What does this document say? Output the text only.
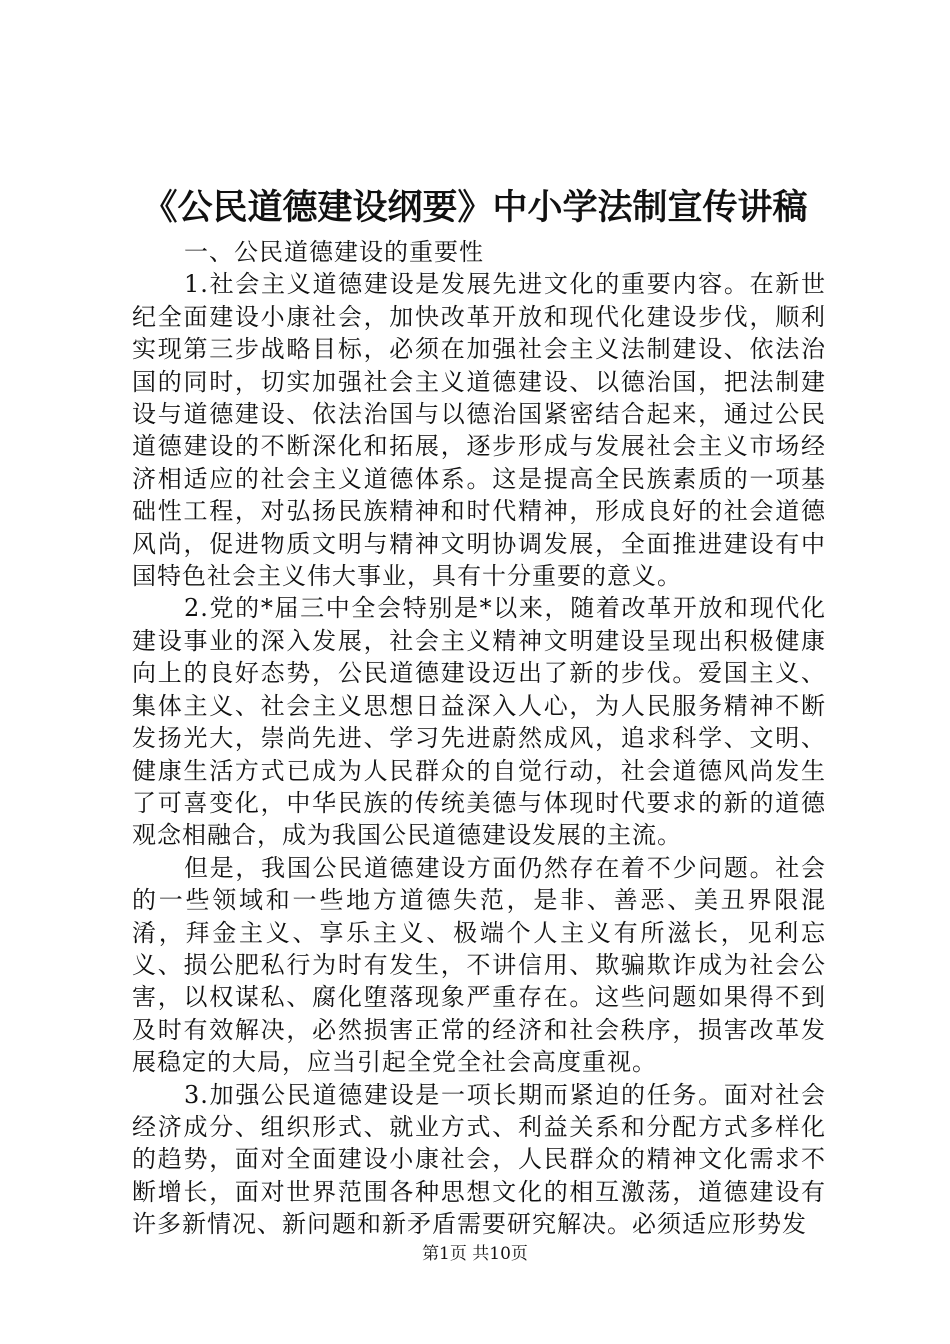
《公民道德建设纲要》中小学法制宣传讲稿

一、公民道德建设的重要性

1.社会主义道德建设是发展先进文化的重要内容。在新世纪全面建设小康社会，加快改革开放和现代化建设步伐，顺利实现第三步战略目标，必须在加强社会主义法制建设、依法治国的同时，切实加强社会主义道德建设、以德治国，把法制建设与道德建设、依法治国与以德治国紧密结合起来，通过公民道德建设的不断深化和拓展，逐步形成与发展社会主义市场经济相适应的社会主义道德体系。这是提高全民族素质的一项基础性工程，对弘扬民族精神和时代精神，形成良好的社会道德风尚，促进物质文明与精神文明协调发展，全面推进建设有中国特色社会主义伟大事业，具有十分重要的意义。

2.党的*届三中全会特别是*以来，随着改革开放和现代化建设事业的深入发展，社会主义精神文明建设呈现出积极健康向上的良好态势，公民道德建设迈出了新的步伐。爱国主义、集体主义、社会主义思想日益深入人心，为人民服务精神不断发扬光大，崇尚先进、学习先进蔚然成风，追求科学、文明、健康生活方式已成为人民群众的自觉行动，社会道德风尚发生了可喜变化，中华民族的传统美德与体现时代要求的新的道德观念相融合，成为我国公民道德建设发展的主流。

但是，我国公民道德建设方面仍然存在着不少问题。社会的一些领域和一些地方道德失范，是非、善恶、美丑界限混淆，拜金主义、享乐主义、极端个人主义有所滋长，见利忘义、损公肥私行为时有发生，不讲信用、欺骗欺诈成为社会公害，以权谋私、腐化堕落现象严重存在。这些问题如果得不到及时有效解决，必然损害正常的经济和社会秩序，损害改革发展稳定的大局，应当引起全党全社会高度重视。

3.加强公民道德建设是一项长期而紧迫的任务。面对社会经济成分、组织形式、就业方式、利益关系和分配方式多样化的趋势，面对全面建设小康社会，人民群众的精神文化需求不断增长，面对世界范围各种思想文化的相互激荡，道德建设有许多新情况、新问题和新矛盾需要研究解决。必须适应形势发

第1页 共10页
